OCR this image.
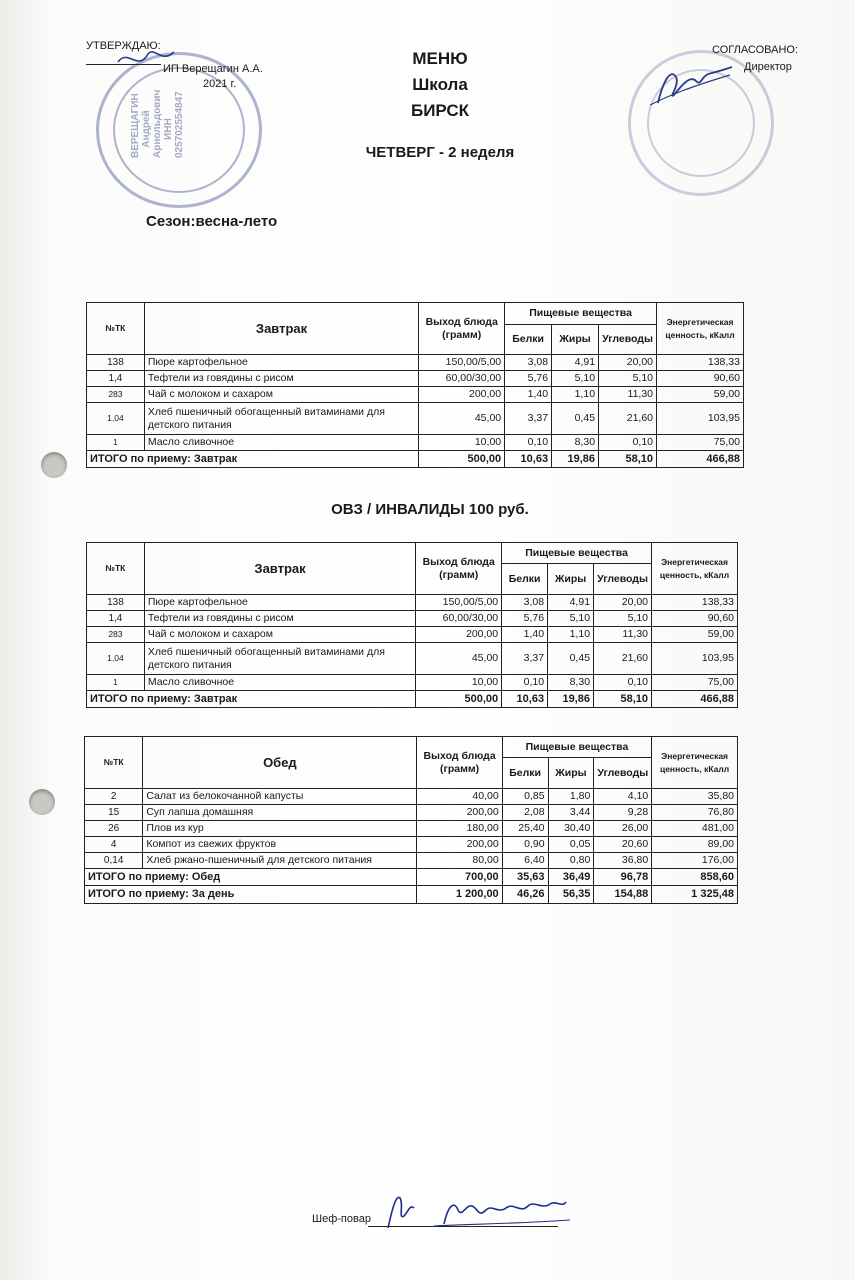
ВЕРЕЩАГИН Андрей Арнольдович ИНН 025702554847
УТВЕРЖДАЮ:
ИП Верещагин А.А.
2021 г.
СОГЛАСОВАНО:
Директор
МЕНЮ
Школа
БИРСК
ЧЕТВЕРГ - 2 неделя
Сезон:весна-лето
№ТК	Завтрак	Выход блюда (грамм)	Пищевые вещества			Энергетическая ценность, кКалл
			Белки	Жиры	Углеводы	
138	Пюре картофельное	150,00/5,00	3,08	4,91	20,00	138,33
1,4	Тефтели из говядины с рисом	60,00/30,00	5,76	5,10	5,10	90,60
283	Чай с молоком и сахаром	200,00	1,40	1,10	11,30	59,00
1,04	Хлеб пшеничный обогащенный витаминами для детского питания	45,00	3,37	0,45	21,60	103,95
1	Масло сливочное	10,00	0,10	8,30	0,10	75,00
ИТОГО по приему: Завтрак		500,00	10,63	19,86	58,10	466,88
ОВЗ / ИНВАЛИДЫ 100 руб.
№ТК	Завтрак	Выход блюда (грамм)	Пищевые вещества			Энергетическая ценность, кКалл
			Белки	Жиры	Углеводы	
138	Пюре картофельное	150,00/5,00	3,08	4,91	20,00	138,33
1,4	Тефтели из говядины с рисом	60,00/30,00	5,76	5,10	5,10	90,60
283	Чай с молоком и сахаром	200,00	1,40	1,10	11,30	59,00
1,04	Хлеб пшеничный обогащенный витаминами для детского питания	45,00	3,37	0,45	21,60	103,95
1	Масло сливочное	10,00	0,10	8,30	0,10	75,00
ИТОГО по приему: Завтрак		500,00	10,63	19,86	58,10	466,88
№ТК	Обед	Выход блюда (грамм)	Пищевые вещества			Энергетическая ценность, кКалл
			Белки	Жиры	Углеводы	
2	Салат из белокочанной капусты	40,00	0,85	1,80	4,10	35,80
15	Суп лапша домашняя	200,00	2,08	3,44	9,28	76,80
26	Плов из кур	180,00	25,40	30,40	26,00	481,00
4	Компот из свежих фруктов	200,00	0,90	0,05	20,60	89,00
0,14	Хлеб ржано-пшеничный для детского питания	80,00	6,40	0,80	36,80	176,00
ИТОГО по приему: Обед		700,00	35,63	36,49	96,78	858,60
ИТОГО по приему: За день		1 200,00	46,26	56,35	154,88	1 325,48
Шеф-повар
